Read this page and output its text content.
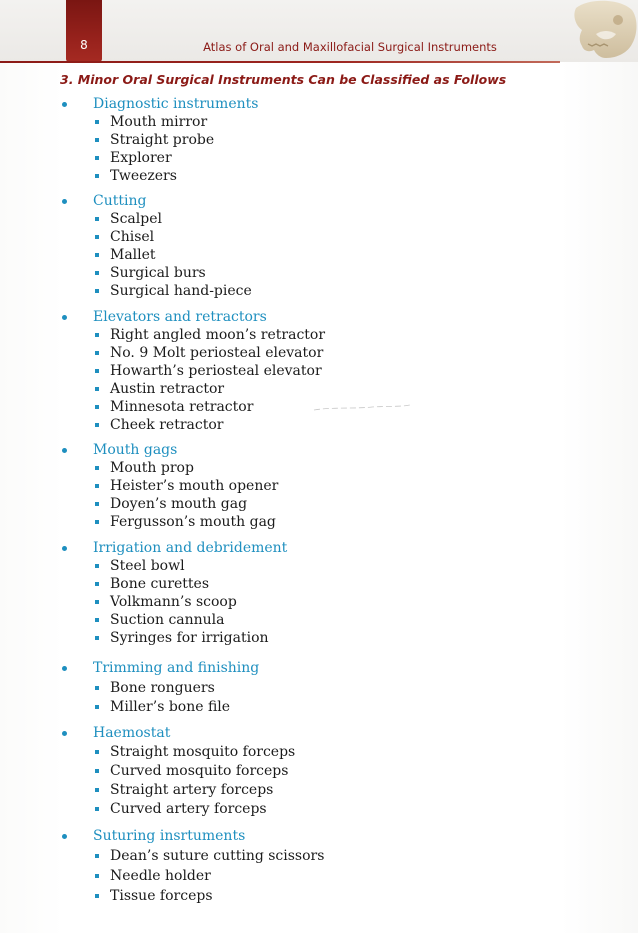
8	Atlas of Oral and Maxillofacial Surgical Instruments
3. Minor Oral Surgical Instruments Can be Classified as Follows
Diagnostic instruments
Mouth mirror
Straight probe
Explorer
Tweezers
Cutting
Scalpel
Chisel
Mallet
Surgical burs
Surgical hand-piece
Elevators and retractors
Right angled moon’s retractor
No. 9 Molt periosteal elevator
Howarth’s periosteal elevator
Austin retractor
Minnesota retractor
Cheek retractor
Mouth gags
Mouth prop
Heister’s mouth opener
Doyen’s mouth gag
Fergusson’s mouth gag
Irrigation and debridement
Steel bowl
Bone curettes
Volkmann’s scoop
Suction cannula
Syringes for irrigation
Trimming and finishing
Bone ronguers
Miller’s bone file
Haemostat
Straight mosquito forceps
Curved mosquito forceps
Straight artery forceps
Curved artery forceps
Suturing insrtuments
Dean’s suture cutting scissors
Needle holder
Tissue forceps
